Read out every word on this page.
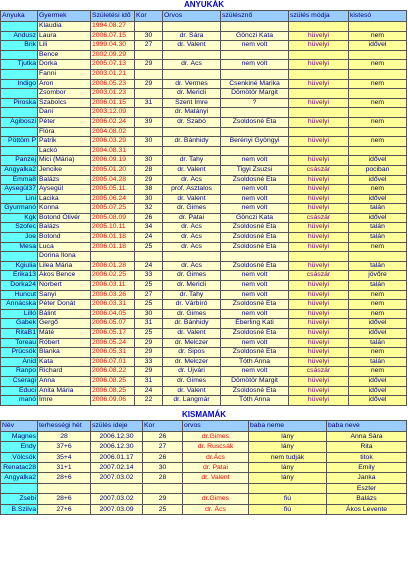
ANYUKÁK
Anyuka	Gyermek	Születési idő	Kor	Orvos	szülésznő	szülés módja	kistesó
	Klaudia	1994.08.27					
Andusz	Laura	2006.07.15	30	dr. Sára	Gönczi Kata	hüvelyi	nem
Brik	Lili	1999.04.30	27	dr. Valent	nem volt	hüvelyi	idővel
	Bence	2002.09.29					
Tjutka	Dorka	2005.07.13	29	dr. Ács	nem volt	hüvelyi	nem
	Fanni	2003.01.21					
Indigo	Áron	2006.05.23	29	dr. Vermes	Csenkiné Marika	hüvelyi	nem
	Zsombor	2003.01.23		dr. Mericli	Dömötör Margit		
Piroska	Szabolcs	2006.01.15	31	Szent Imre	?	hüvelyi	nem
	Dani	2003.12.09		dr. Matányi			
Ágiboszi	Péter	2006.02.24	39	dr. Szabó	Zsoldosné Eta	hüvelyi	nem
	Flóra	2004.08.02					
Pöttöm P	Patrik	2006.03.29	30	dr. Bánhidy	Berényi Gyöngyi	hüvelyi	nem
	Lackó	2004.08.31					
Panzej	Mici (Mária)	2006.09.19	30	dr. Tahy	nem volt	hüvelyi	idővel
Angyalka2	Jencike	2005.01.20	28	dr. Valent	Tigyi Zsuzsi	császár	pociban
Emma8	Balázs	2005.04.28	29	dr. Ács	Zsoldosné Eta	hüvelyi	idővel
Aysegül37	Aysegül	2005.05.11	38	prof. Asztalos	nem volt	hüvelyi	nem
Lini	Lacika	2005.06.24	30	dr. Valent	nem volt	hüvelyi	idővel
Gyurmanó	Konna	2005.07.25	32	dr. Gimes	nem volt	hüvelyi	talán
Kgk	Botond Olivér	2005.08.09	26	dr. Patai	Gönczi Kata	császár	idővel
Szofec	Balázs	2005.10.11	34	dr. Ács	Zsoldosné Eta	hüvelyi	talán
Joe	Botond	2006.01.18	24	dr. Ács	Zsoldosné Eta	hüvelyi	talán
Mesa	Luca	2006.01.18	25	dr. Ács	Zsoldosné Eta	hüvelyi	nem
	Dorina Ilona						
Kgiulia	Lilea Mária	2006.01.28	24	dr. Ács	Zsoldosné Eta	hüvelyi	talán
Erika13	Ákos Bence	2006.02.25	33	dr. Gimes	nem volt	császár	jövőre
Dorka24	Norbert	2006.03.11	25	dr. Mericli	nem volt	hüvelyi	talán
Huncut	Sanyi	2006.03.26	27	dr. Tahy	nem volt	hüvelyi	nem
Annácska	Péter Donát	2006.03.31	25	dr. Várbíró	Zsoldosné Eta	hüvelyi	nem
Lilló	Bálint	2006.04.05	30	dr. Gimes	nem volt	hüvelyi	nem
Gabek	Gergő	2006.05.07	31	dr. Bánhidy	Éberling Kati	hüvelyi	idővel
RitaB1	Máté	2006.05.17	25	dr. Valent	Zsoldosné Eta	hüvelyi	idővel
Toreau	Róbert	2006.05.24	29	dr. Melczer	nem volt	hüvelyi	talán
Prücsök	Blanka	2006.05.31	29	dr. Sipos	Zsoldosné Eta	hüvelyi	nem
Anid	Kata	2006.07.01	33	dr. Melczer	Tóth Anna	hüvelyi	talán
Ranpo	Richard	2006.08.22	29	dr. Újvári	nem volt	császár	nem
Cseragi	Anna	2006.08.25	31	dr. Gimes	Dömötör Margit	hüvelyi	idővel
Educi	Anita Mária	2006.08.25	24	dr. Valent	Zsoldosné Eta	hüvelyi	idővel
manó	Imre	2006.09.06	22	dr. Langmár	Tóth Anna	hüvelyi	idővel
KISMAMÁK
Név	terhességi hét	szülés ideje	Kor	orvos	baba neme	baba neve
Magnes	28	2006.12.30	26	dr.Gimes	lány	Anna Sára
Endy	37+6	2006.12.30	27	dr. Ruscsák	lány	Rita
Völcsök	35+4	2006.01.17	26	dr.Ács	nem tudják	titok
Renatac28	31+1	2007.02.14	30	dr. Patai	lány	Emily
Angyalka2	28+6	2007.03.02	28	dr. Valent	lány	Janka
						Eszter
Zsebi	28+6	2007.03.02	29	dr.Gimes	fiú	Balázs
B.Szilva	27+6	2007.03.09	25	dr. Ács	fiú	Ákos Levente
